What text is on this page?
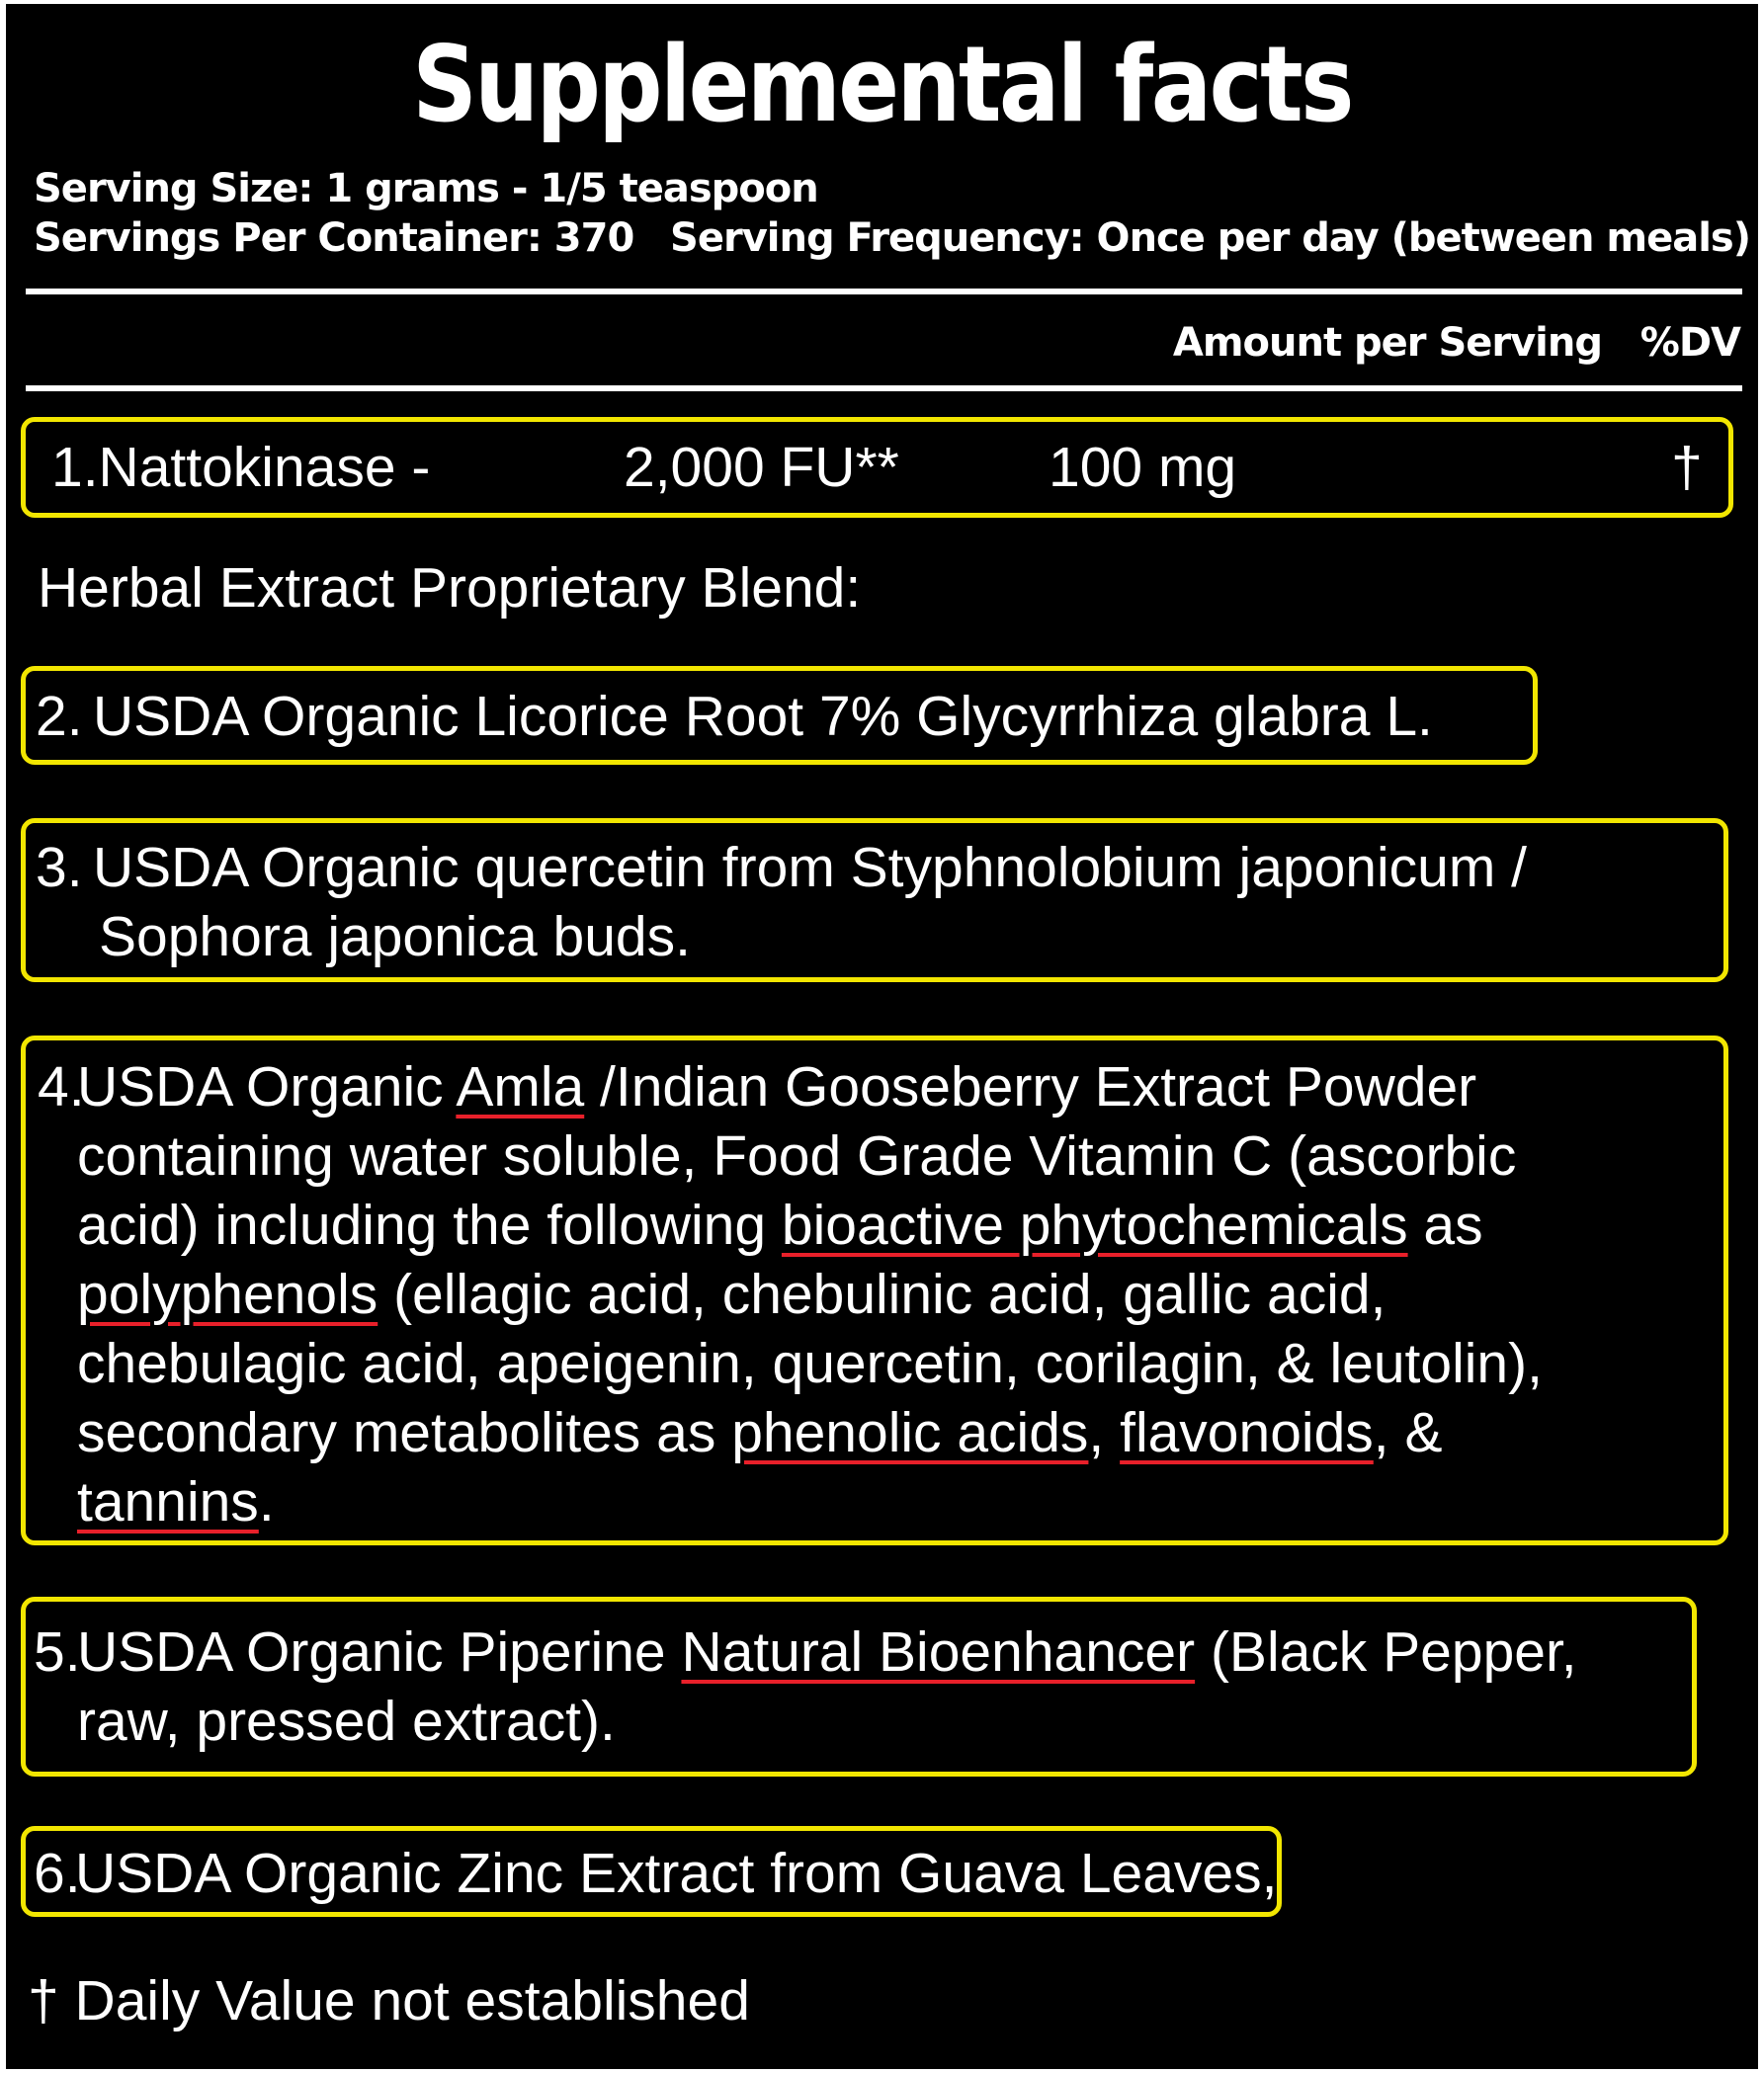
Supplemental facts
Serving Size: 1 grams - 1/5 teaspoon
Servings Per Container: 370 Serving Frequency: Once per day (between meals)
Amount per Serving %DV
1.Nattokinase -	2,000 FU**	100 mg	†
Herbal Extract Proprietary Blend:
2. USDA Organic Licorice Root 7% Glycyrrhiza glabra L.
3. USDA Organic quercetin from Styphnolobium japonicum /
Sophora japonica buds.
4.
USDA Organic Amla /Indian Gooseberry Extract Powder
containing water soluble, Food Grade Vitamin C (ascorbic
acid) including the following bioactive phytochemicals as
polyphenols (ellagic acid, chebulinic acid, gallic acid,
chebulagic acid, apeigenin, quercetin, corilagin, & leutolin),
secondary metabolites as phenolic acids, flavonoids, &
tannins.
5.
USDA Organic Piperine Natural Bioenhancer (Black Pepper,
raw, pressed extract).
6.
USDA Organic Zinc Extract from Guava Leaves,
† Daily Value not established
